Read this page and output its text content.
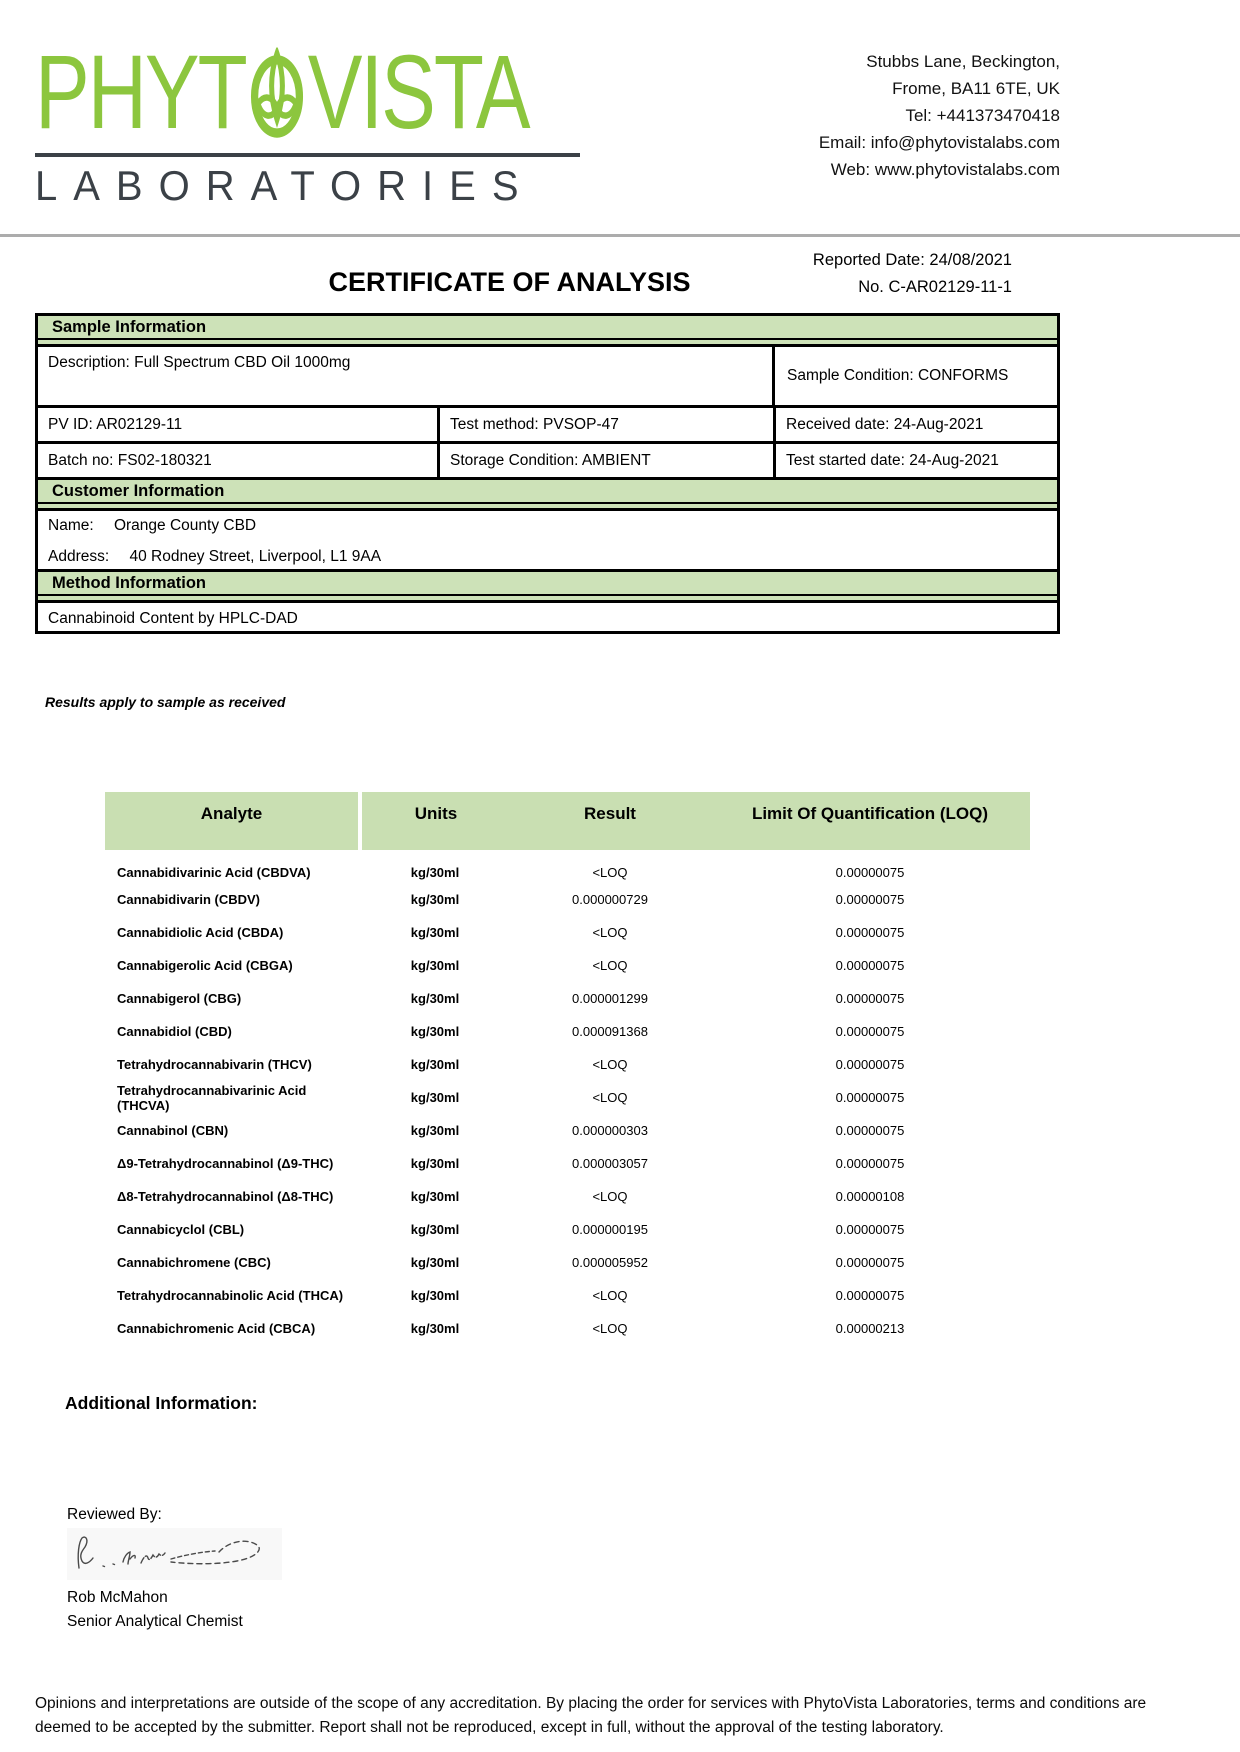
PHYT VISTA
LABORATORIES
Stubbs Lane, Beckington,
Frome, BA11 6TE, UK
Tel: +441373470418
Email: info@phytovistalabs.com
Web: www.phytovistalabs.com
CERTIFICATE OF ANALYSIS
Reported Date: 24/08/2021
No. C-AR02129-11-1
Sample Information
Description: Full Spectrum CBD Oil 1000mg
Sample Condition: CONFORMS
PV ID: AR02129-11	Test method: PVSOP-47	Received date: 24-Aug-2021
Batch no: FS02-180321	Storage Condition: AMBIENT	Test started date: 24-Aug-2021
Customer Information
Name: Orange County CBD
Address: 40 Rodney Street, Liverpool, L1 9AA
Method Information
Cannabinoid Content by HPLC-DAD
Results apply to sample as received
Analyte	Units	Result	Limit Of Quantification (LOQ)
Cannabidivarinic Acid (CBDVA)	kg/30ml	<LOQ	0.00000075
Cannabidivarin (CBDV)	kg/30ml	0.000000729	0.00000075
Cannabidiolic Acid (CBDA)	kg/30ml	<LOQ	0.00000075
Cannabigerolic Acid (CBGA)	kg/30ml	<LOQ	0.00000075
Cannabigerol (CBG)	kg/30ml	0.000001299	0.00000075
Cannabidiol (CBD)	kg/30ml	0.000091368	0.00000075
Tetrahydrocannabivarin (THCV)	kg/30ml	<LOQ	0.00000075
Tetrahydrocannabivarinic Acid (THCVA)	kg/30ml	<LOQ	0.00000075
Cannabinol (CBN)	kg/30ml	0.000000303	0.00000075
Δ9-Tetrahydrocannabinol (Δ9-THC)	kg/30ml	0.000003057	0.00000075
Δ8-Tetrahydrocannabinol (Δ8-THC)	kg/30ml	<LOQ	0.00000108
Cannabicyclol (CBL)	kg/30ml	0.000000195	0.00000075
Cannabichromene (CBC)	kg/30ml	0.000005952	0.00000075
Tetrahydrocannabinolic Acid (THCA)	kg/30ml	<LOQ	0.00000075
Cannabichromenic Acid (CBCA)	kg/30ml	<LOQ	0.00000213
Additional Information:
Reviewed By:
Rob McMahon
Senior Analytical Chemist
Opinions and interpretations are outside of the scope of any accreditation. By placing the order for services with PhytoVista Laboratories, terms and conditions are deemed to be accepted by the submitter. Report shall not be reproduced, except in full, without the approval of the testing laboratory.
